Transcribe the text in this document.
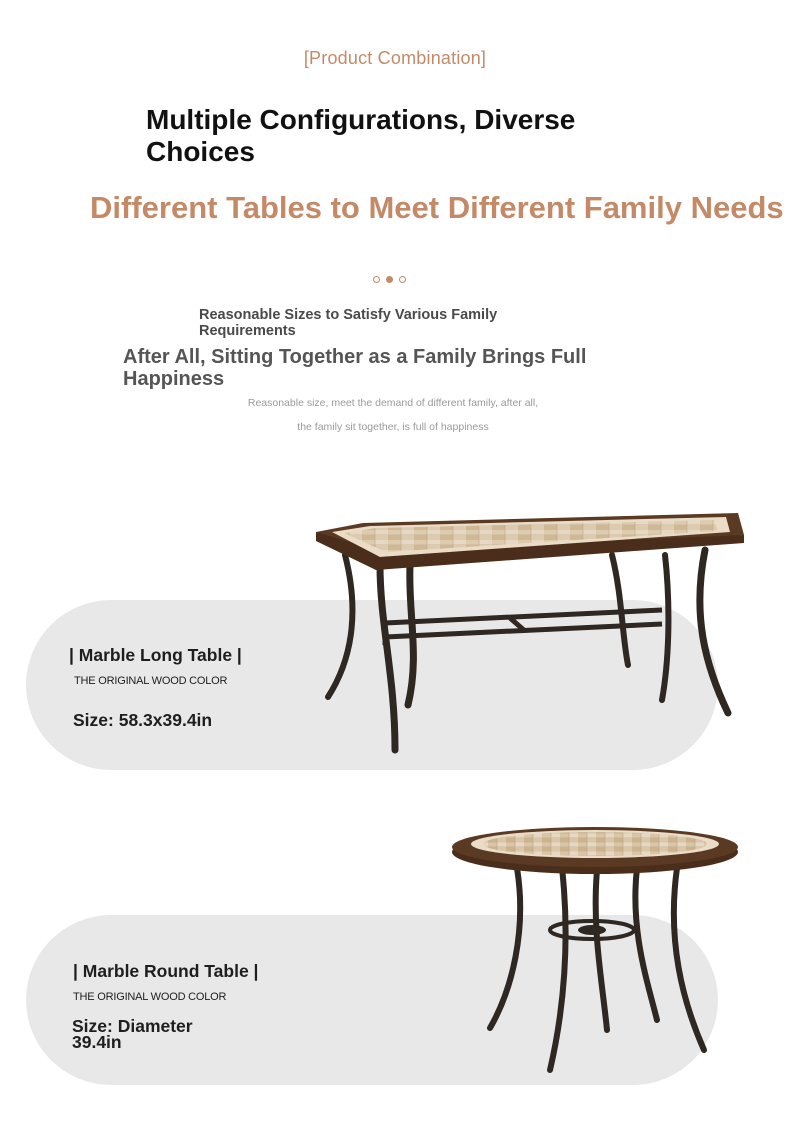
[Product Combination]
Multiple Configurations, Diverse Choices
Different Tables to Meet Different Family Needs
Reasonable Sizes to Satisfy Various Family Requirements
After All, Sitting Together as a Family Brings Full Happiness
Reasonable size, meet the demand of different family, after all,
the family sit together, is full of happiness
| Marble Long Table |
THE ORIGINAL WOOD COLOR
Size: 58.3x39.4in
| Marble Round Table |
THE ORIGINAL WOOD COLOR
Size: Diameter 39.4in
